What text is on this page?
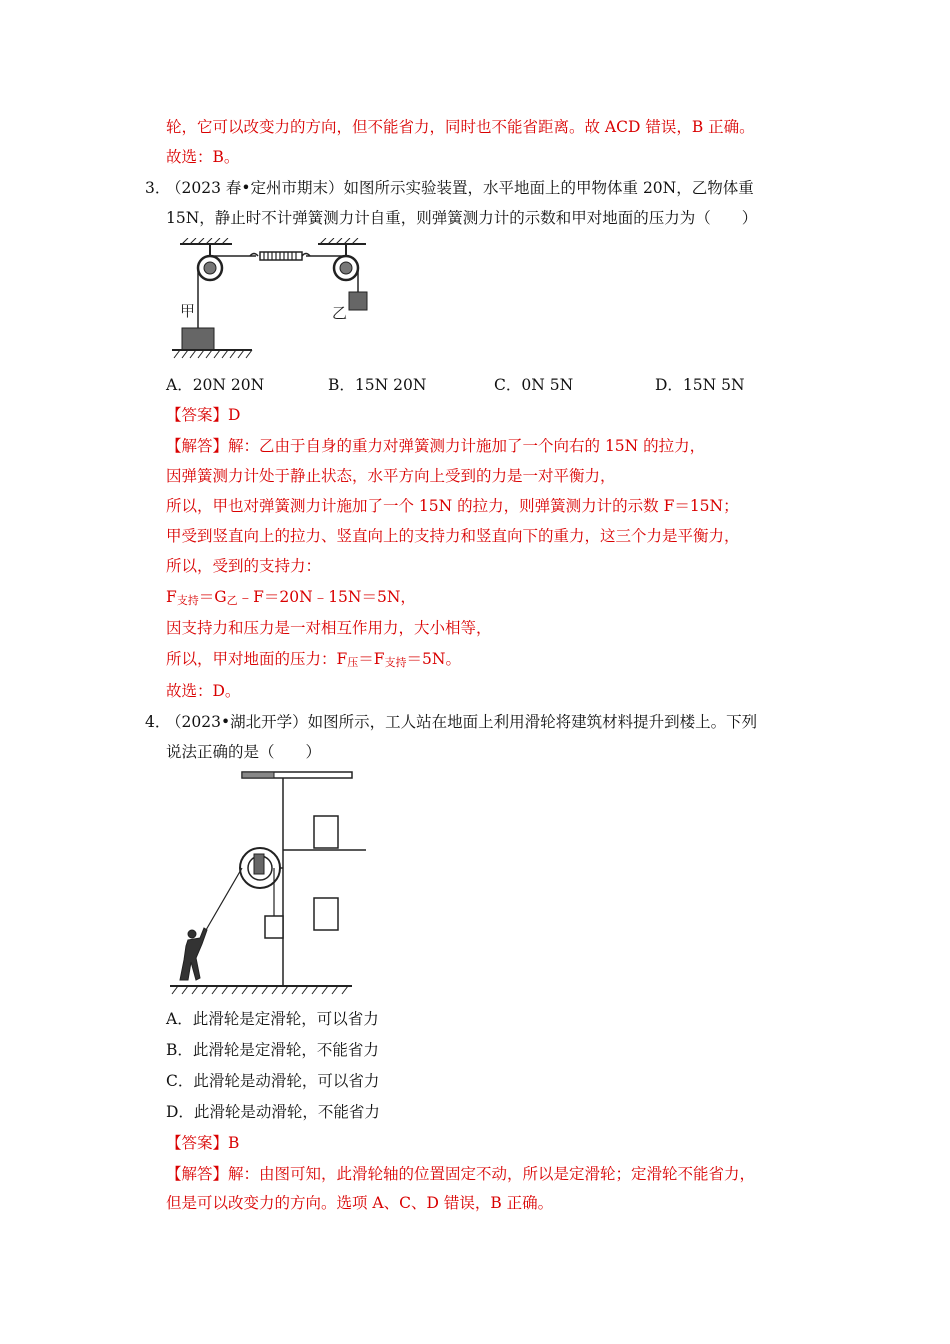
轮，它可以改变力的方向，但不能省力，同时也不能省距离。故 ACD 错误，B 正确。
故选：B。
3．
（2023 春•定州市期末）如图所示实验装置，水平地面上的甲物体重 20N，乙物体重
15N，静止时不计弹簧测力计自重，则弹簧测力计的示数和甲对地面的压力为（　　）
甲	乙
A．20N 20N	B．15N 20N	C．0N 5N	D．15N 5N
【答案】D
【解答】解：乙由于自身的重力对弹簧测力计施加了一个向右的 15N 的拉力，
因弹簧测力计处于静止状态，水平方向上受到的力是一对平衡力，
所以，甲也对弹簧测力计施加了一个 15N 的拉力，则弹簧测力计的示数 F＝15N；
甲受到竖直向上的拉力、竖直向上的支持力和竖直向下的重力，这三个力是平衡力，
所以，受到的支持力：
$F_{支持}=G_乙﹣F=20N﹣15N=5N$，
因支持力和压力是一对相互作用力，大小相等，
所以，甲对地面的压力：$F_压=F_{支持}=5N$。
故选：D。
4．
（2023•湖北开学）如图所示，工人站在地面上利用滑轮将建筑材料提升到楼上。下列
说法正确的是（　　）
A．此滑轮是定滑轮，可以省力
B．此滑轮是定滑轮，不能省力
C．此滑轮是动滑轮，可以省力
D．此滑轮是动滑轮，不能省力
【答案】B
【解答】解：由图可知，此滑轮轴的位置固定不动，所以是定滑轮；定滑轮不能省力，
但是可以改变力的方向。选项 A、C、D 错误，B 正确。
